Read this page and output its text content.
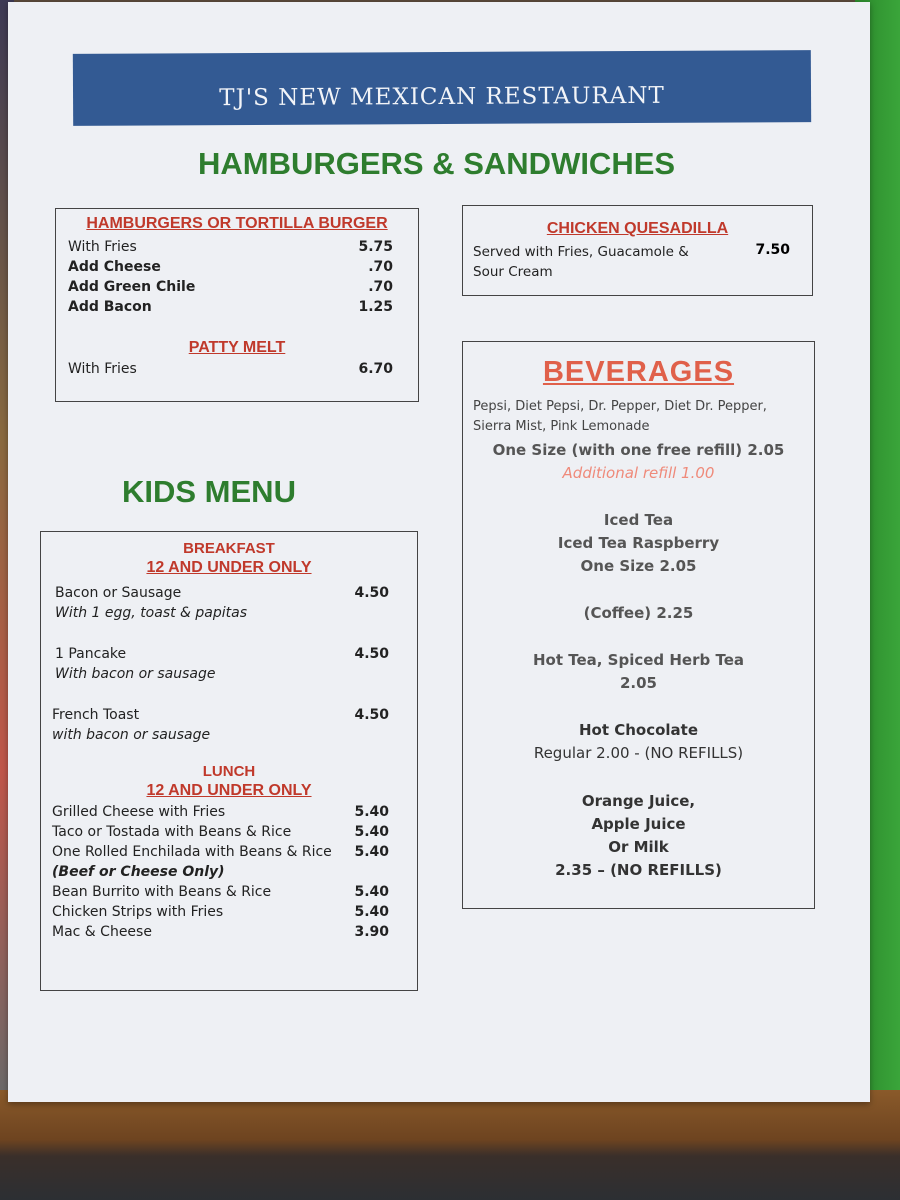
TJ'S NEW MEXICAN RESTAURANT
HAMBURGERS & SANDWICHES
HAMBURGERS OR TORTILLA BURGER
With Fries	5.75
Add Cheese	.70
Add Green Chile	.70
Add Bacon	1.25
PATTY MELT
With Fries	6.70
CHICKEN QUESADILLA
Served with Fries, Guacamole &
Sour Cream
7.50
BEVERAGES
Pepsi, Diet Pepsi, Dr. Pepper, Diet Dr. Pepper,
Sierra Mist, Pink Lemonade
One Size (with one free refill) 2.05
Additional refill 1.00
Iced Tea
Iced Tea Raspberry
One Size 2.05
(Coffee) 2.25
Hot Tea, Spiced Herb Tea
2.05
Hot Chocolate
Regular 2.00 - (NO REFILLS)
Orange Juice,
Apple Juice
Or Milk
2.35 – (NO REFILLS)
KIDS MENU
BREAKFAST
12 AND UNDER ONLY
Bacon or Sausage	4.50
With 1 egg, toast & papitas
1 Pancake	4.50
With bacon or sausage
French Toast	4.50
with bacon or sausage
LUNCH
12 AND UNDER ONLY
Grilled Cheese with Fries	5.40
Taco or Tostada with Beans & Rice	5.40
One Rolled Enchilada with Beans & Rice 5.40
(Beef or Cheese Only)
Bean Burrito with Beans & Rice	5.40
Chicken Strips with Fries	5.40
Mac & Cheese	3.90
